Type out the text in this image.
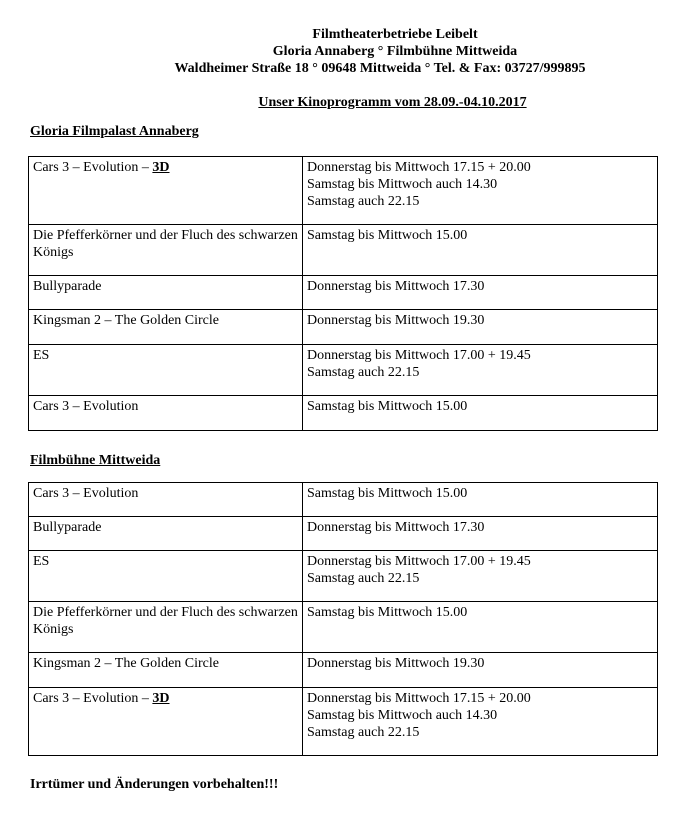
Filmtheaterbetriebe Leibelt
Gloria Annaberg ° Filmbühne Mittweida
Waldheimer Straße 18 ° 09648 Mittweida ° Tel. & Fax: 03727/999895
Unser Kinoprogramm vom 28.09.-04.10.2017
Gloria Filmpalast Annaberg
Cars 3 – Evolution – 3D	Donnerstag bis Mittwoch 17.15 + 20.00
Samstag bis Mittwoch auch 14.30
Samstag auch 22.15

Die Pfefferkörner und der Fluch des schwarzen Königs	Samstag bis Mittwoch 15.00

Bullyparade	Donnerstag bis Mittwoch 17.30

Kingsman 2 – The Golden Circle	Donnerstag bis Mittwoch 19.30

ES	Donnerstag bis Mittwoch 17.00 + 19.45
Samstag auch 22.15

Cars 3 – Evolution	Samstag bis Mittwoch 15.00
Filmbühne Mittweida
Cars 3 – Evolution	Samstag bis Mittwoch 15.00

Bullyparade	Donnerstag bis Mittwoch 17.30

ES	Donnerstag bis Mittwoch 17.00 + 19.45
Samstag auch 22.15

Die Pfefferkörner und der Fluch des schwarzen Königs	Samstag bis Mittwoch 15.00

Kingsman 2 – The Golden Circle	Donnerstag bis Mittwoch 19.30

Cars 3 – Evolution – 3D	Donnerstag bis Mittwoch 17.15 + 20.00
Samstag bis Mittwoch auch 14.30
Samstag auch 22.15
Irrtümer und Änderungen vorbehalten!!!
